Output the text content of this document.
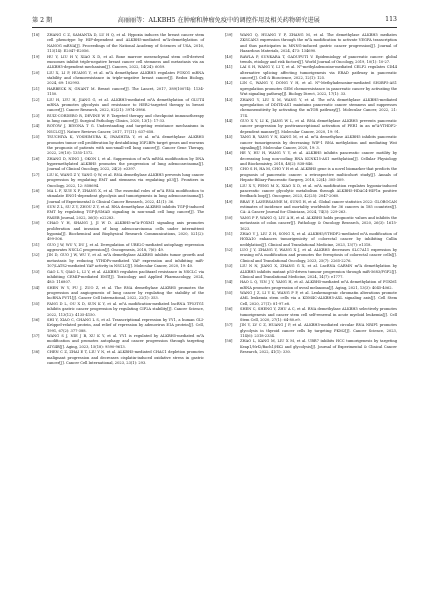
第 2 期	高丽丽等：ALKBH5 在肿瘤和肿瘤免疫中的调控作用及相关药物研究进展	113
[18] ZHANG C Z, SAMANTA D, LU H Q, et al. Hypoxia induces the breast cancer stem cell phenotype by HIF-dependent and ALKBH5-mediated m⁶A-demethylation of NANOG mRNA[J]. Proceedings of the National Academy of Sciences of USA, 2016, 113(14): E2047-E2056.
[19] HU Y, LIU H Y, XIAO X D, et al. Bone marrow mesenchymal stem cell-derived exosomes inhibit triple-negative breast cancer cell stemness and metastasis via an ALKBH5-dependent mechanism[J]. Cancers, 2022, 14(24): 6059.
[20] LIU X, LI P, HUANG Y, et al. m⁶A demethylase ALKBH5 regulates FOXO1 mRNA stability and chemoresistance in triple-negative breast cancer[J]. Redox Biology, 2024, 69: 102993.
[21] HARBECK N, GNANT M. Breast cancer[J]. The Lancet, 2017, 389(10074): 1134-1150.
[22] LIU H, LYU H, JIANG G, et al. ALKBH5-mediated m⁶A demethylation of GLUT4 mRNA promotes glycolysis and resistance to HER2-targeted therapy in breast cancer[J]. Cancer Research, 2022, 82(21): 3974-3986.
[23] RUIZ-CORDERO R, DEVINE W P. Targeted therapy and checkpoint immunotherapy in lung cancer[J]. Surgical Pathology Clinics, 2020, 13(1): 17-33.
[24] ROTOW J, BIVONA T G. Understanding and targeting resistance mechanisms in NSCLC[J]. Nature Reviews Cancer, 2017, 17(11): 637-658.
[25] TSUCHIYA K, YOSHIMURA K, IWASHITA Y, et al. m⁶A demethylase ALKBH5 promotes tumor cell proliferation by destabilizing IGF2BPs target genes and worsens the prognosis of patients with non-small-cell lung cancer[J]. Cancer Gene Therapy, 2022, 29(10): 1355-1372.
[26] ZHANG D, NING J, OKON I, et al. Suppression of m⁶A mRNA modification by DNA hypermethylated ALKBH5 promotes the progression of lung adenocarcinoma[J]. Journal of Clinical Oncology, 2022, 24(2): e3397.
[27] LIU K, WANG Z Y, YANG Q W, et al. RNA demethylase ALKBH5 prevents lung cancer progression by regulating EMT and stemness via regulating p53[J]. Frontiers in Oncology, 2022, 12: 858694.
[28] MA L F, XUE X F, ZHANG X, et al. The essential roles of m⁶A RNA modification to stimulate ENO1-dependent glycolysis and tumorigenesis in lung adenocarcinoma[J]. Journal of Experimental & Clinical Cancer Research, 2022, 41(1): 36.
[29] SUN Z L, SU Z Y, ZHOU Z Y, et al. RNA demethylase ALKBH5 inhibits TGF-β-induced EMT by regulating TGF-β/SMAD signaling in non-small cell lung cancer[J]. The FASEB Journal, 2022, 36(5): e22283.
[30] CHAO Y H, SHANG J, JI W D. ALKBH5-m⁶A-FOXM1 signaling axis promotes proliferation and invasion of lung adenocarcinoma cells under intermittent hypoxia[J]. Biochemical and Biophysical Research Communications, 2020, 521(2): 499-506.
[31] GUO J W, WU Y, DU J, et al. Deregulation of UBE2C-mediated autophagy repression aggravates NSCLC progression[J]. Oncogenesis, 2018, 7(6): 49.
[32] JIN D, GUO J W, WU Y, et al. m⁶A demethylase ALKBH5 inhibits tumor growth and metastasis by reducing YTHDFs-mediated YAP expression and inhibiting miR-107/LATS2-mediated YAP activity in NSCLC[J]. Molecular Cancer, 2020, 19: 40.
[33] GAO L Y, QIAO L, LI Y, et al. ALKBH5 regulates paclitaxel resistance in NSCLC via inhibiting CEMIP-mediated EMT[J]. Toxicology and Applied Pharmacology, 2024, 483: 116807.
[34] SHEN W Y, PU J, ZUO Z, et al. The RNA demethylase ALKBH5 promotes the progression and angiogenesis of lung cancer by regulating the stability of the lncRNA PVT1[J]. Cancer Cell International, 2022, 22(1): 353.
[35] FANG D L, OU X D, SUN K Y, et al. m⁶A modification-mediated lncRNA TP53TG1 inhibits gastric cancer progression by regulating CIP2A stability[J]. Cancer Science, 2022, 113(12): 4135-4150.
[36] SHI Y, XIAO C, CHANG L S, et al. Transcriptional repression by YY1, a human GLI-Krüppel-related protein, and relief of repression by adenovirus E1A protein[J]. Cell, 1991, 67(2): 377-388.
[37] WANG S J, NIE J B, XU K Y, et al. YY1 is regulated by ALKBH5-mediated m⁶A modification and promotes autophagy and cancer progression through targeting ATG4B[J]. Aging, 2023, 15(18): 9590-9613.
[38] CHEN C Z, ZHAI E T, LIU Y N, et al. ALKBH5-mediated CHAC1 depletion promotes malignant progression and decreases cisplatin-induced oxidative stress in gastric cancer[J]. Cancer Cell International, 2023, 23(1): 293.
[39] WANG Q, HUANG Y F, ZHANG M, et al. The demethylase ALKBH5 mediates ZKSCAN3 expression through the m⁶A modification to activate VEGFA transcription and thus participates in MNNG-induced gastric cancer progression[J]. Journal of Hazardous Materials, 2024, 473: 134690.
[40] RAWLA P, SUNKARA T, GADUPUTI V. Epidemiology of pancreatic cancer: global trends, etiology and risk factors[J]. World Journal of Oncology, 2019, 10(1): 10-27.
[41] LAI S H, WANG Y, LI T, et al. N⁶-methyladenosine-mediated CELF2 regulates CD44 alternative splicing affecting tumorigenesis via ERAD pathway in pancreatic cancer[J]. Cell & Bioscience, 2022, 12(1): 125.
[42] LIN C, WANG Y, DONG Y H, et al. N⁶-Methyladenosine-mediated SH3BP5-AS1 upregulation promotes GEM chemoresistance in pancreatic cancer by activating the Wnt signaling pathway[J]. Biology Direct, 2022, 17(1): 33.
[43] ZHANG Y, LIU X M, WANG Y, et al. The m⁶A demethylase ALKBH5-mediated upregulation of DDIT4-AS1 maintains pancreatic cancer stemness and suppresses chemosensitivity by activating the mTOR pathway[J]. Molecular Cancer, 2022, 21: 174.
[44] GUO X Y, LI K, JIANG W L, et al. RNA demethylase ALKBH5 prevents pancreatic cancer progression by posttranscriptional activation of PER1 in an m⁶A-YTHDF2-dependent manner[J]. Molecular Cancer, 2020, 19: 91.
[45] TANG B, YANG Y N, KANG M, et al. m⁶A demethylase ALKBH5 inhibits pancreatic cancer tumorigenesis by decreasing WIF-1 RNA methylation and mediating Wnt signaling[J]. Molecular Cancer, 2020, 19: 3.
[46] HE Y, HU H, WANG Y Y, et al. ALKBH5 inhibits pancreatic cancer motility by decreasing long non-coding RNA KCNK15-AS1 methylation[J]. Cellular Physiology and Biochemistry, 2018, 48(2): 838-846.
[47] CHO S H, HA M, CHO Y H et al. ALKBH5 gene is a novel biomarker that predicts the prognosis of pancreatic cancer: a retrospective multicohort study[J]. Annals of Hepato-Biliary-Pancreatic Surgery, 2018, 22(4): 305-309.
[48] LIU X Y, FENG M X, XIAO X D, et al. m⁶A modification regulates hypoxia-induced pancreatic cancer glycolytic metabolism through ALKBH5-HDAC4-HIF1α positive feedback loop[J]. Oncogene, 2023, 42(25): 2047-2060.
[49] BRAY F, LAVERSANNE M, SUNG H, et al. Global cancer statistics 2022: GLOBOCAN estimates of incidence and mortality worldwide for 36 cancers in 185 countries[J]. CA: A Cancer Journal for Clinicians, 2024, 74(3): 229-263.
[50] YANG P F, WANG Q, LIU A H, et al. ALKBH5 holds prognostic values and inhibits the metastasis of colon cancer[J]. Pathology & Oncology Research, 2020, 26(3): 1615-1623.
[51] ZHAO Y J, LIU Z H, SONG X, et al. ALKBH5/YTHDF2-mediated m⁶A modification of HOXA10 enhances tumorigenicity of colorectal cancer by inhibiting Cullin neddylation[J]. Clinical and Translational Medicine, 2023, 13(7): e1318.
[52] LUO J Y, ZHANG Y, WANG X J, et al. ALKBH5 decreases SLC7A11 expression by erasing m⁶A modification and promotes the ferroptosis of colorectal cancer cells[J]. Clinical and Translational Oncology, 2023, 25(7): 2265-2276.
[53] LIU N N, JIANG X, ZHANG G X, et al. LncRNA CARMN m⁶A demethylation by ALKBH5 inhibits mutant p53-driven tumour progression through miR-5683/FGF2[J]. Clinical and Translational Medicine, 2024, 14(7): e1777.
[54] HAO L Q, YIN J Y, YANG H, et al. ALKBH5-mediated m⁶A demethylation of FOXM1 mRNA promotes progression of uveal melanoma[J]. Aging, 2021, 13(3): 4045-4062.
[55] WANG J Z, LI Y K, WANG P P, et al. Leukemogenic chromatin alterations promote AML leukemia stem cells via a KDM4C-ALKBH5-AXL signaling axis[J]. Cell Stem Cell, 2020, 27(1): 81-97.e8.
[56] SHEN C, SHENG Y, ZHU A C, et al. RNA demethylase ALKBH5 selectively promotes tumorigenesis and cancer stem cell self-renewal in acute myeloid leukemia[J]. Cell Stem Cell, 2020, 27(1): 64-80.e9.
[57] JIN Y, LV C Z, HUANG J P, et al. ALKBH5-mediated circular RNA NRIP1 promotes glycolysis in thyroid cancer cells by targeting PKM2[J]. Cancer Science, 2023, 114(6): 2318-2334.
[58] ZHAO L, KANG M, LIU X M, et al. UBR7 inhibits HCC tumorigenesis by targeting Keap1/Nrf2/Bach1/HK2 and glycolysis[J]. Journal of Experimental & Clinical Cancer Research, 2022, 41(1): 330.
